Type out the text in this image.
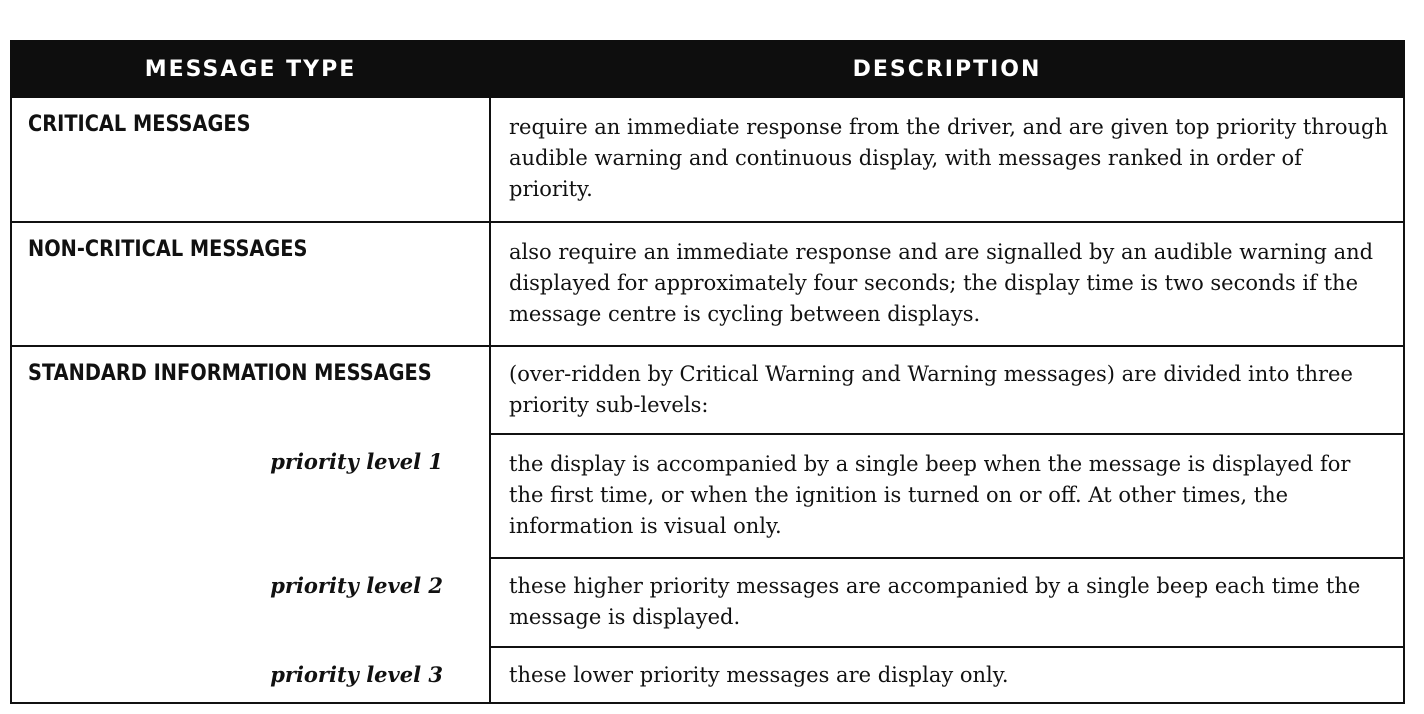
MESSAGE TYPE	DESCRIPTION
CRITICAL MESSAGES	require an immediate response from the driver, and are given top priority through audible warning and continuous display, with messages ranked in order of priority.
NON-CRITICAL MESSAGES	also require an immediate response and are signalled by an audible warning and displayed for approximately four seconds; the display time is two seconds if the message centre is cycling between displays.
STANDARD INFORMATION MESSAGES	(over-ridden by Critical Warning and Warning messages) are divided into three priority sub-levels:
priority level 1	the display is accompanied by a single beep when the message is displayed for the first time, or when the ignition is turned on or off. At other times, the information is visual only.
priority level 2	these higher priority messages are accompanied by a single beep each time the message is displayed.
priority level 3	these lower priority messages are display only.
